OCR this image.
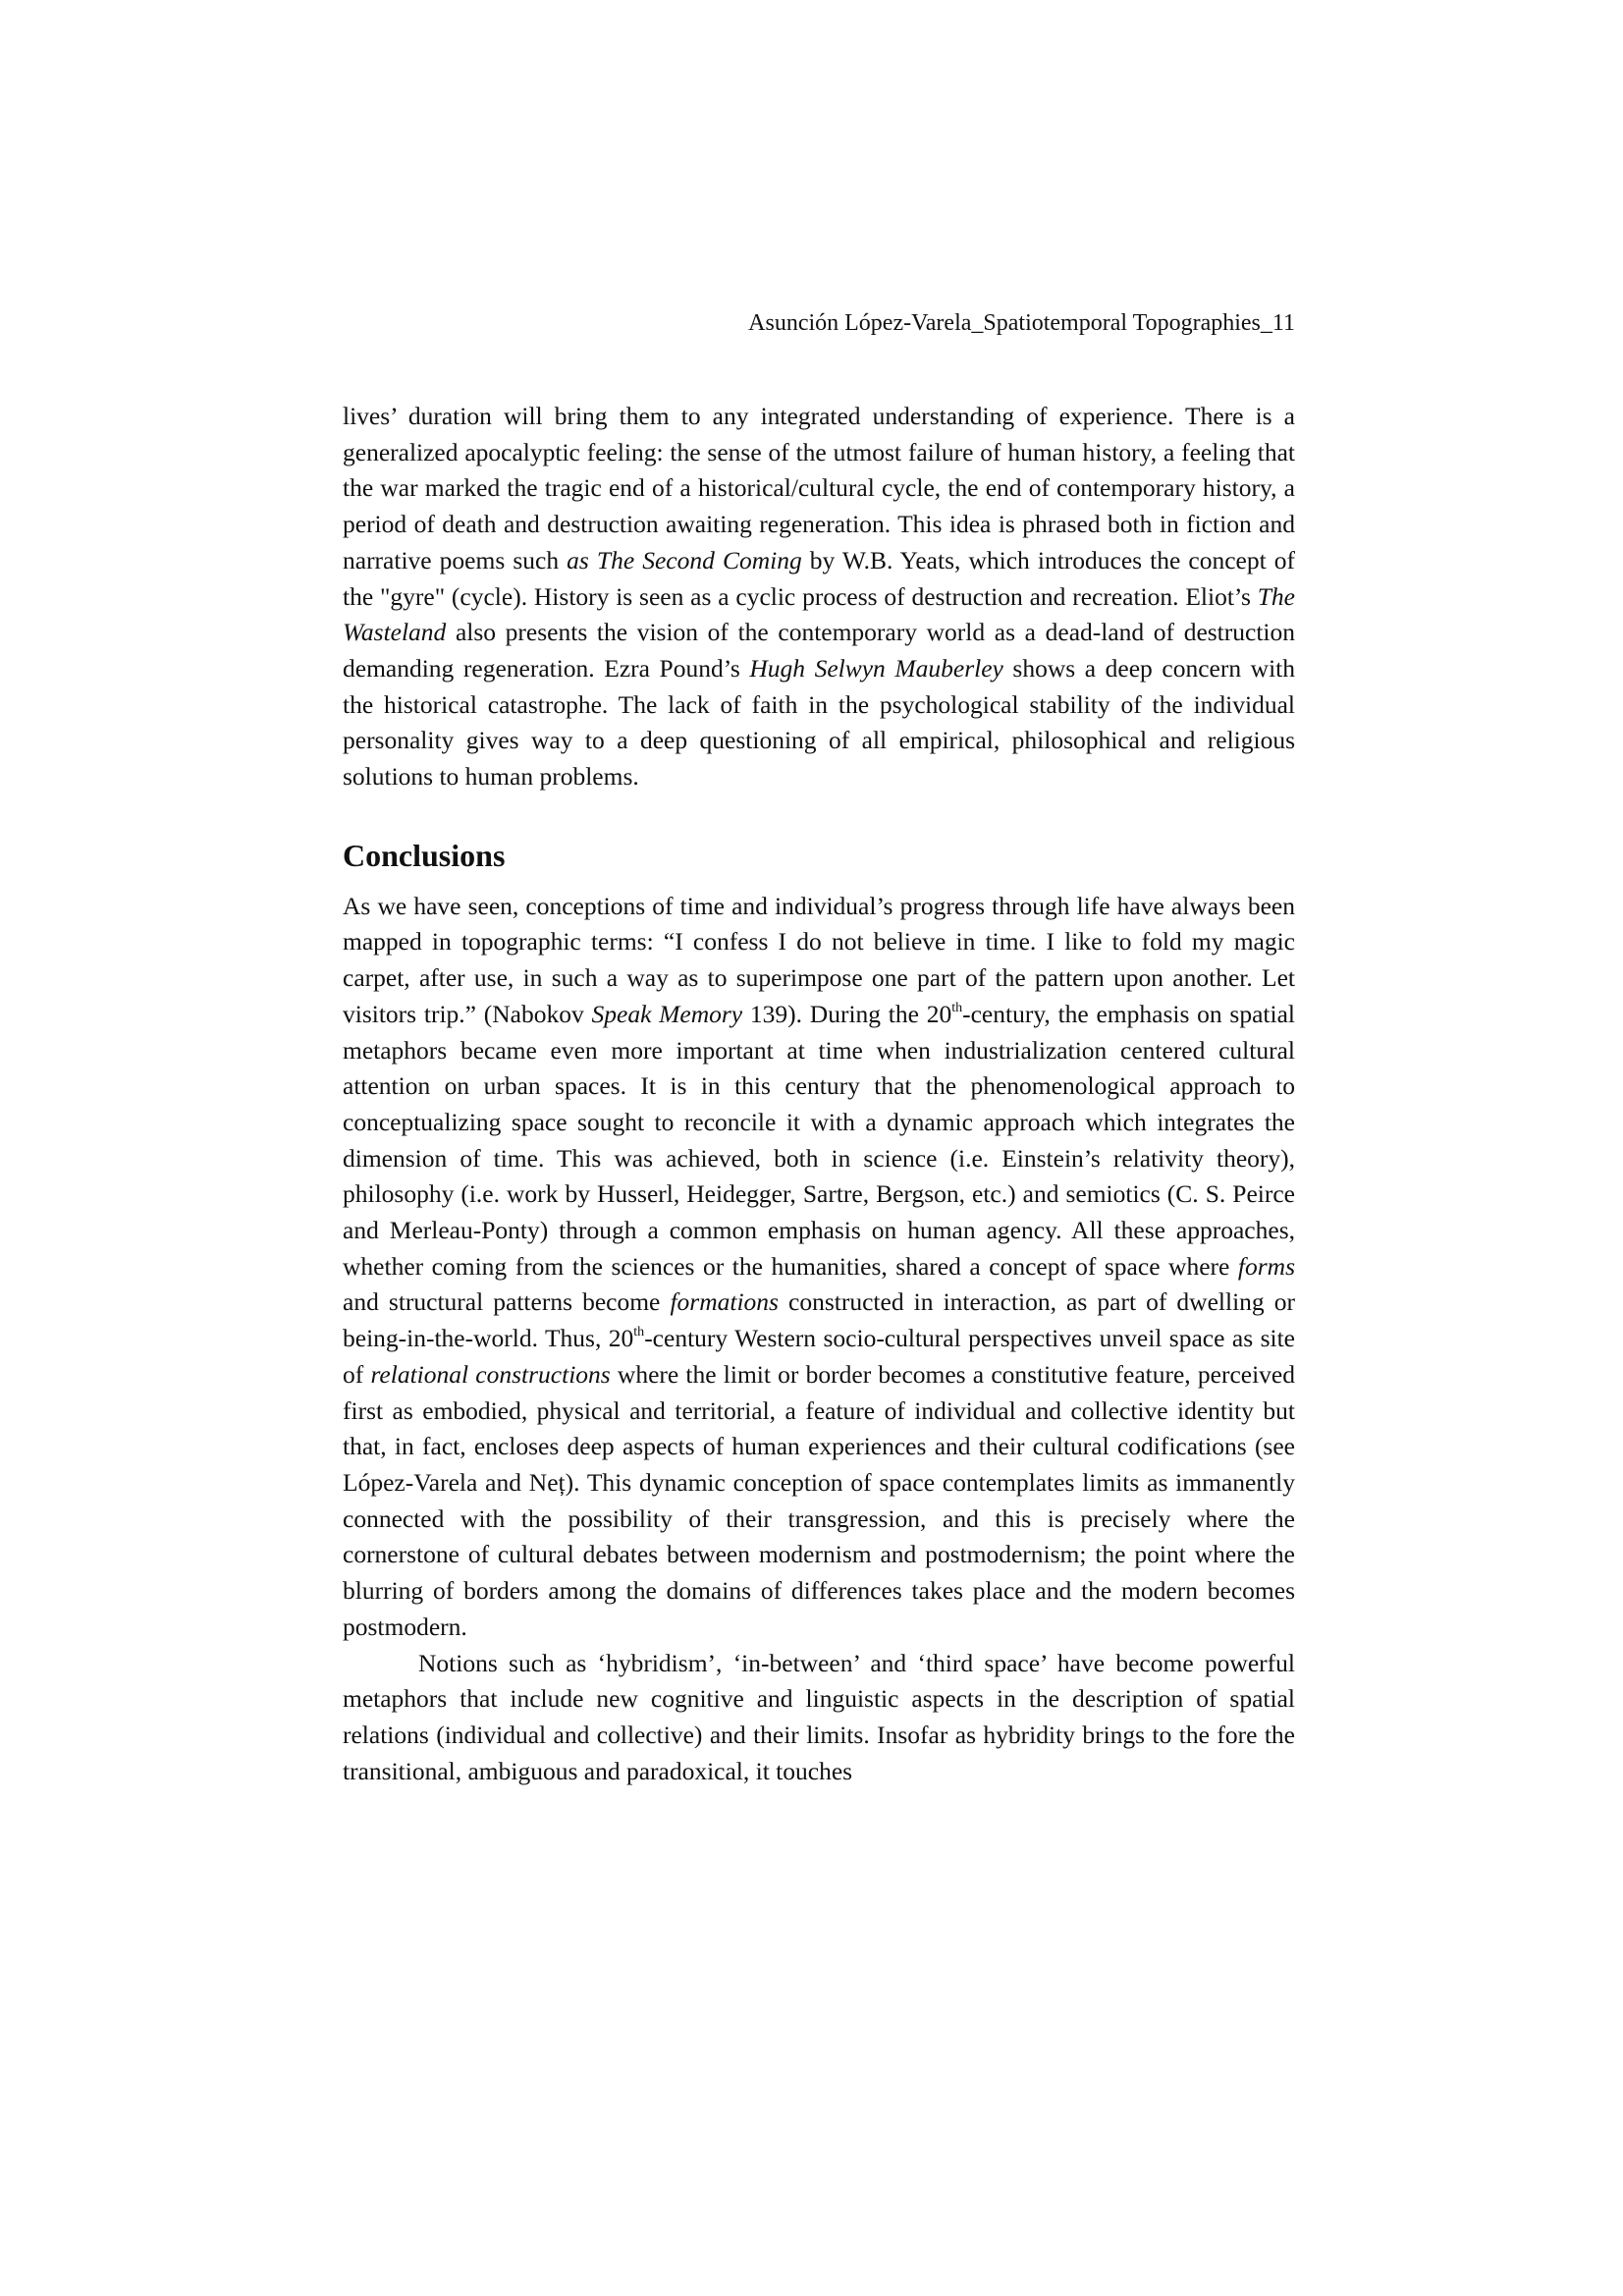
Asunción López-Varela_Spatiotemporal Topographies_11

lives’ duration will bring them to any integrated understanding of experience. There is a generalized apocalyptic feeling: the sense of the utmost failure of human history, a feeling that the war marked the tragic end of a historical/cultural cycle, the end of contemporary history, a period of death and destruction awaiting regeneration. This idea is phrased both in fiction and narrative poems such as The Second Coming by W.B. Yeats, which introduces the concept of the "gyre" (cycle). History is seen as a cyclic process of destruction and recreation. Eliot’s The Wasteland also presents the vision of the contemporary world as a dead-land of destruction demanding regeneration. Ezra Pound’s Hugh Selwyn Mauberley shows a deep concern with the historical catastrophe. The lack of faith in the psychological stability of the individual personality gives way to a deep questioning of all empirical, philosophical and religious solutions to human problems.

Conclusions

As we have seen, conceptions of time and individual’s progress through life have always been mapped in topographic terms: “I confess I do not believe in time. I like to fold my magic carpet, after use, in such a way as to superimpose one part of the pattern upon another. Let visitors trip.” (Nabokov Speak Memory 139). During the 20th-century, the emphasis on spatial metaphors became even more important at time when industrialization centered cultural attention on urban spaces. It is in this century that the phenomenological approach to conceptualizing space sought to reconcile it with a dynamic approach which integrates the dimension of time. This was achieved, both in science (i.e. Einstein’s relativity theory), philosophy (i.e. work by Husserl, Heidegger, Sartre, Bergson, etc.) and semiotics (C. S. Peirce and Merleau-Ponty) through a common emphasis on human agency. All these approaches, whether coming from the sciences or the humanities, shared a concept of space where forms and structural patterns become formations constructed in interaction, as part of dwelling or being-in-the-world. Thus, 20th-century Western socio-cultural perspectives unveil space as site of relational constructions where the limit or border becomes a constitutive feature, perceived first as embodied, physical and territorial, a feature of individual and collective identity but that, in fact, encloses deep aspects of human experiences and their cultural codifications (see López-Varela and Neț). This dynamic conception of space contemplates limits as immanently connected with the possibility of their transgression, and this is precisely where the cornerstone of cultural debates between modernism and postmodernism; the point where the blurring of borders among the domains of differences takes place and the modern becomes postmodern.

Notions such as ‘hybridism’, ‘in-between’ and ‘third space’ have become powerful metaphors that include new cognitive and linguistic aspects in the description of spatial relations (individual and collective) and their limits. Insofar as hybridity brings to the fore the transitional, ambiguous and paradoxical, it touches
